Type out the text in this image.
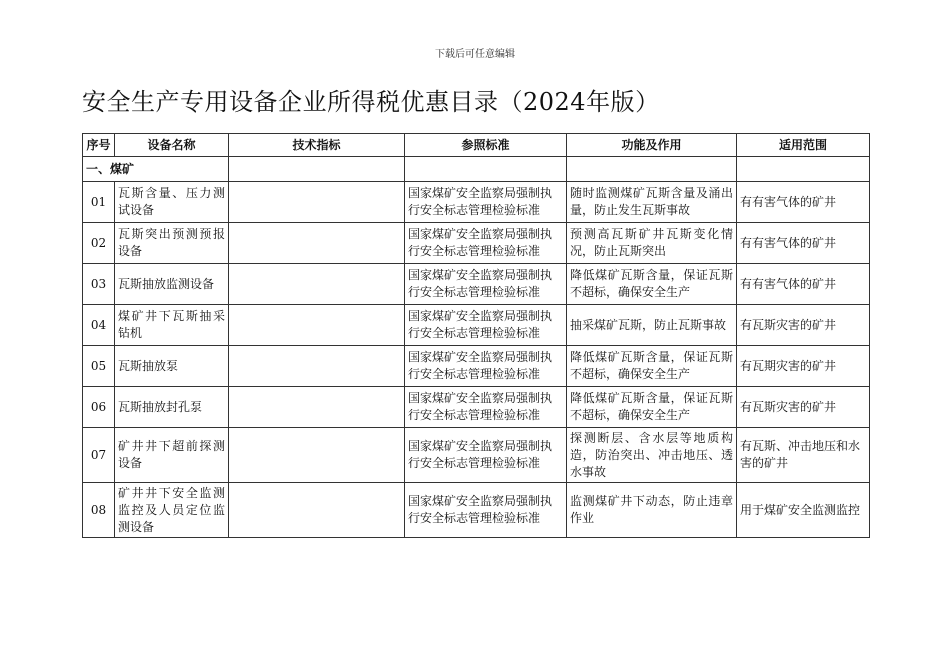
下载后可任意编辑
安全生产专用设备企业所得税优惠目录（2024年版）
序号	设备名称	技术指标	参照标准	功能及作用	适用范围
一、煤矿					
01	瓦斯含量、压力测试设备		国家煤矿安全监察局强制执行安全标志管理检验标准	随时监测煤矿瓦斯含量及涌出量，防止发生瓦斯事故	有有害气体的矿井
02	瓦斯突出预测预报设备		国家煤矿安全监察局强制执行安全标志管理检验标准	预测高瓦斯矿井瓦斯变化情况，防止瓦斯突出	有有害气体的矿井
03	瓦斯抽放监测设备		国家煤矿安全监察局强制执行安全标志管理检验标准	降低煤矿瓦斯含量，保证瓦斯不超标，确保安全生产	有有害气体的矿井
04	煤矿井下瓦斯抽采钻机		国家煤矿安全监察局强制执行安全标志管理检验标准	抽采煤矿瓦斯，防止瓦斯事故	有瓦斯灾害的矿井
05	瓦斯抽放泵		国家煤矿安全监察局强制执行安全标志管理检验标准	降低煤矿瓦斯含量，保证瓦斯不超标，确保安全生产	有瓦期灾害的矿井
06	瓦斯抽放封孔泵		国家煤矿安全监察局强制执行安全标志管理检验标准	降低煤矿瓦斯含量，保证瓦斯不超标，确保安全生产	有瓦斯灾害的矿井
07	矿井井下超前探测设备		国家煤矿安全监察局强制执行安全标志管理检验标准	探测断层、含水层等地质构造，防治突出、冲击地压、透水事故	有瓦斯、冲击地压和水害的矿井
08	矿井井下安全监测监控及人员定位监测设备		国家煤矿安全监察局强制执行安全标志管理检验标准	监测煤矿井下动态，防止违章作业	用于煤矿安全监测监控
